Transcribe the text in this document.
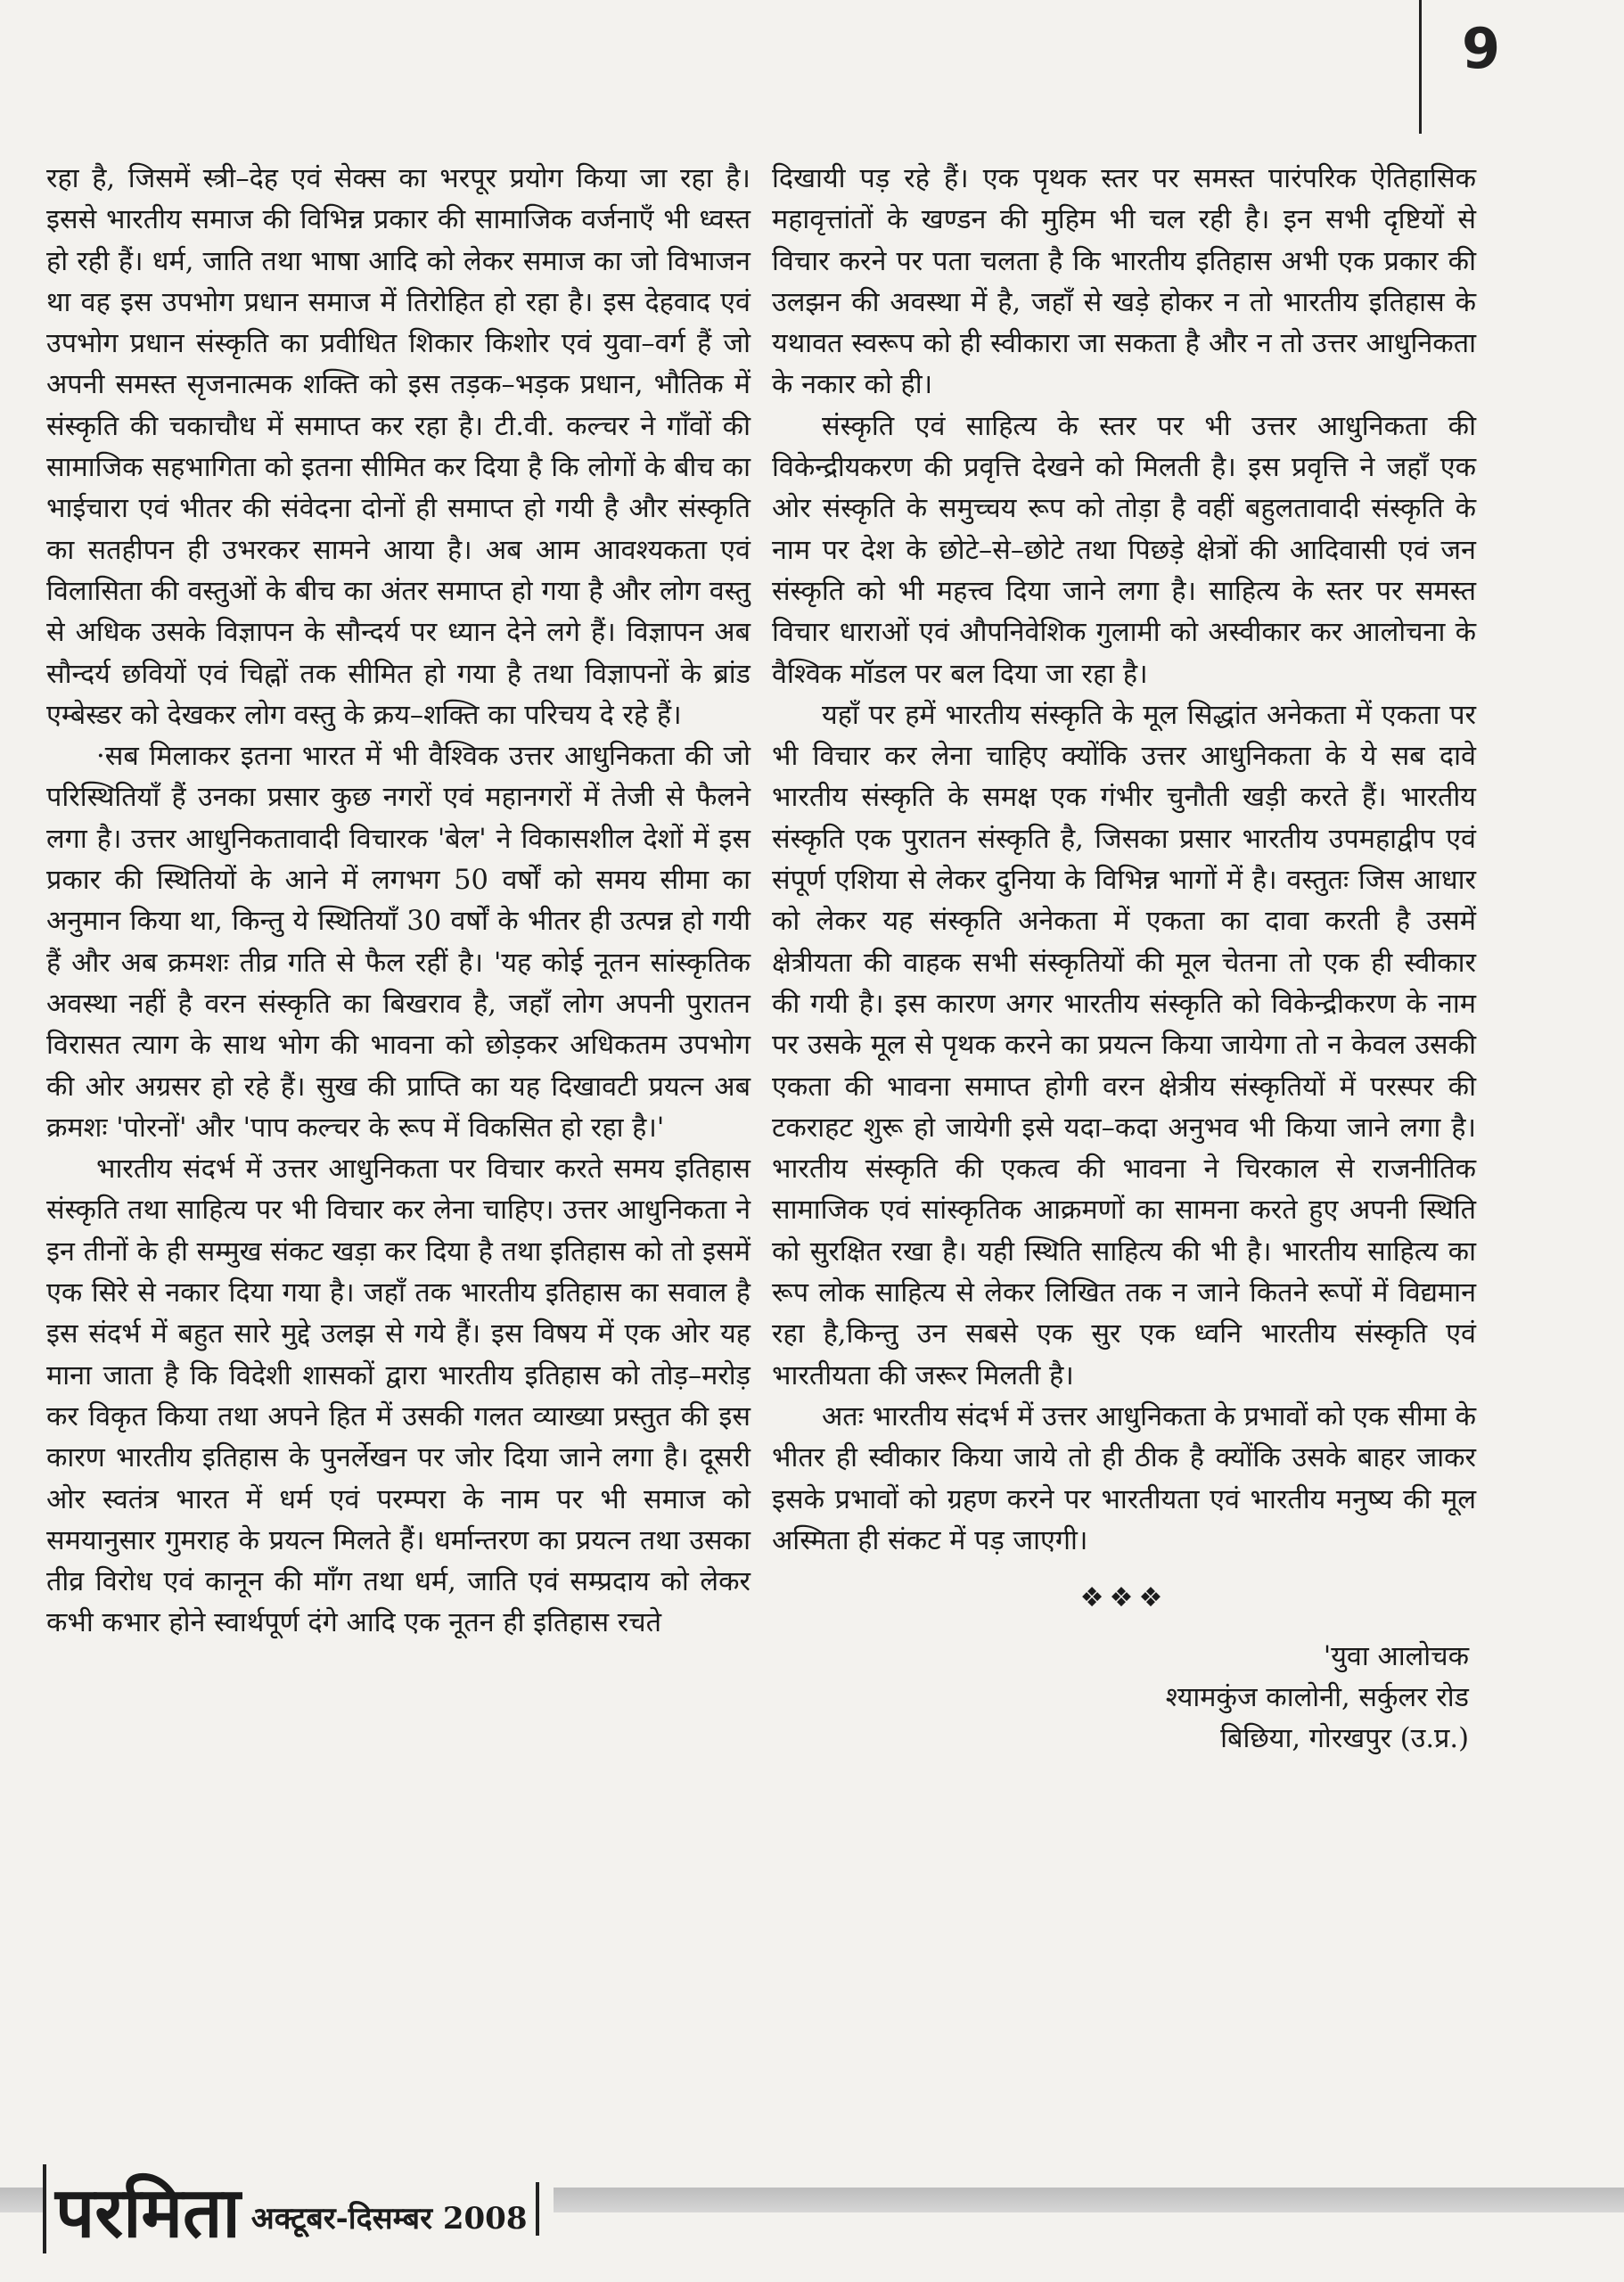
9

रहा है, जिसमें स्त्री–देह एवं सेक्स का भरपूर प्रयोग किया जा रहा है। इससे भारतीय समाज की विभिन्न प्रकार की सामाजिक वर्जनाएँ भी ध्वस्त हो रही हैं। धर्म, जाति तथा भाषा आदि को लेकर समाज का जो विभाजन था वह इस उपभोग प्रधान समाज में तिरोहित हो रहा है। इस देहवाद एवं उपभोग प्रधान संस्कृति का प्रवीधित शिकार किशोर एवं युवा–वर्ग हैं जो अपनी समस्त सृजनात्मक शक्ति को इस तड़क–भड़क प्रधान, भौतिक में संस्कृति की चकाचौध में समाप्त कर रहा है। टी.वी. कल्चर ने गाँवों की सामाजिक सहभागिता को इतना सीमित कर दिया है कि लोगों के बीच का भाईचारा एवं भीतर की संवेदना दोनों ही समाप्त हो गयी है और संस्कृति का सतहीपन ही उभरकर सामने आया है। अब आम आवश्यकता एवं विलासिता की वस्तुओं के बीच का अंतर समाप्त हो गया है और लोग वस्तु से अधिक उसके विज्ञापन के सौन्दर्य पर ध्यान देने लगे हैं। विज्ञापन अब सौन्दर्य छवियों एवं चिह्नों तक सीमित हो गया है तथा विज्ञापनों के ब्रांड एम्बेस्डर को देखकर लोग वस्तु के क्रय–शक्ति का परिचय दे रहे हैं।

·सब मिलाकर इतना भारत में भी वैश्विक उत्तर आधुनिकता की जो परिस्थितियाँ हैं उनका प्रसार कुछ नगरों एवं महानगरों में तेजी से फैलने लगा है। उत्तर आधुनिकतावादी विचारक 'बेल' ने विकासशील देशों में इस प्रकार की स्थितियों के आने में लगभग 50 वर्षों को समय सीमा का अनुमान किया था, किन्तु ये स्थितियाँ 30 वर्षों के भीतर ही उत्पन्न हो गयी हैं और अब क्रमशः तीव्र गति से फैल रहीं है। 'यह कोई नूतन सांस्कृतिक अवस्था नहीं है वरन संस्कृति का बिखराव है, जहाँ लोग अपनी पुरातन विरासत त्याग के साथ भोग की भावना को छोड़कर अधिकतम उपभोग की ओर अग्रसर हो रहे हैं। सुख की प्राप्ति का यह दिखावटी प्रयत्न अब क्रमशः 'पोरनों' और 'पाप कल्चर के रूप में विकसित हो रहा है।'

भारतीय संदर्भ में उत्तर आधुनिकता पर विचार करते समय इतिहास संस्कृति तथा साहित्य पर भी विचार कर लेना चाहिए। उत्तर आधुनिकता ने इन तीनों के ही सम्मुख संकट खड़ा कर दिया है तथा इतिहास को तो इसमें एक सिरे से नकार दिया गया है। जहाँ तक भारतीय इतिहास का सवाल है इस संदर्भ में बहुत सारे मुद्दे उलझ से गये हैं। इस विषय में एक ओर यह माना जाता है कि विदेशी शासकों द्वारा भारतीय इतिहास को तोड़–मरोड़ कर विकृत किया तथा अपने हित में उसकी गलत व्याख्या प्रस्तुत की इस कारण भारतीय इतिहास के पुनर्लेखन पर जोर दिया जाने लगा है। दूसरी ओर स्वतंत्र भारत में धर्म एवं परम्परा के नाम पर भी समाज को समयानुसार गुमराह के प्रयत्न मिलते हैं। धर्मान्तरण का प्रयत्न तथा उसका तीव्र विरोध एवं कानून की माँग तथा धर्म, जाति एवं सम्प्रदाय को लेकर कभी कभार होने स्वार्थपूर्ण दंगे आदि एक नूतन ही इतिहास रचते

दिखायी पड़ रहे हैं। एक पृथक स्तर पर समस्त पारंपरिक ऐतिहासिक महावृत्तांतों के खण्डन की मुहिम भी चल रही है। इन सभी दृष्टियों से विचार करने पर पता चलता है कि भारतीय इतिहास अभी एक प्रकार की उलझन की अवस्था में है, जहाँ से खड़े होकर न तो भारतीय इतिहास के यथावत स्वरूप को ही स्वीकारा जा सकता है और न तो उत्तर आधुनिकता के नकार को ही।

संस्कृति एवं साहित्य के स्तर पर भी उत्तर आधुनिकता की विकेन्द्रीयकरण की प्रवृत्ति देखने को मिलती है। इस प्रवृत्ति ने जहाँ एक ओर संस्कृति के समुच्चय रूप को तोड़ा है वहीं बहुलतावादी संस्कृति के नाम पर देश के छोटे–से–छोटे तथा पिछड़े क्षेत्रों की आदिवासी एवं जन संस्कृति को भी महत्त्व दिया जाने लगा है। साहित्य के स्तर पर समस्त विचार धाराओं एवं औपनिवेशिक गुलामी को अस्वीकार कर आलोचना के वैश्विक मॉडल पर बल दिया जा रहा है।

यहाँ पर हमें भारतीय संस्कृति के मूल सिद्धांत अनेकता में एकता पर भी विचार कर लेना चाहिए क्योंकि उत्तर आधुनिकता के ये सब दावे भारतीय संस्कृति के समक्ष एक गंभीर चुनौती खड़ी करते हैं। भारतीय संस्कृति एक पुरातन संस्कृति है, जिसका प्रसार भारतीय उपमहाद्वीप एवं संपूर्ण एशिया से लेकर दुनिया के विभिन्न भागों में है। वस्तुतः जिस आधार को लेकर यह संस्कृति अनेकता में एकता का दावा करती है उसमें क्षेत्रीयता की वाहक सभी संस्कृतियों की मूल चेतना तो एक ही स्वीकार की गयी है। इस कारण अगर भारतीय संस्कृति को विकेन्द्रीकरण के नाम पर उसके मूल से पृथक करने का प्रयत्न किया जायेगा तो न केवल उसकी एकता की भावना समाप्त होगी वरन क्षेत्रीय संस्कृतियों में परस्पर की टकराहट शुरू हो जायेगी इसे यदा–कदा अनुभव भी किया जाने लगा है। भारतीय संस्कृति की एकत्व की भावना ने चिरकाल से राजनीतिक सामाजिक एवं सांस्कृतिक आक्रमणों का सामना करते हुए अपनी स्थिति को सुरक्षित रखा है। यही स्थिति साहित्य की भी है। भारतीय साहित्य का रूप लोक साहित्य से लेकर लिखित तक न जाने कितने रूपों में विद्यमान रहा है,किन्तु उन सबसे एक सुर एक ध्वनि भारतीय संस्कृति एवं भारतीयता की जरूर मिलती है।

अतः भारतीय संदर्भ में उत्तर आधुनिकता के प्रभावों को एक सीमा के भीतर ही स्वीकार किया जाये तो ही ठीक है क्योंकि उसके बाहर जाकर इसके प्रभावों को ग्रहण करने पर भारतीयता एवं भारतीय मनुष्य की मूल अस्मिता ही संकट में पड़ जाएगी।

❖❖❖
'युवा आलोचक
श्यामकुंज कालोनी, सर्कुलर रोड
बिछिया, गोरखपुर (उ.प्र.)
परमिता अक्टूबर-दिसम्बर 2008
